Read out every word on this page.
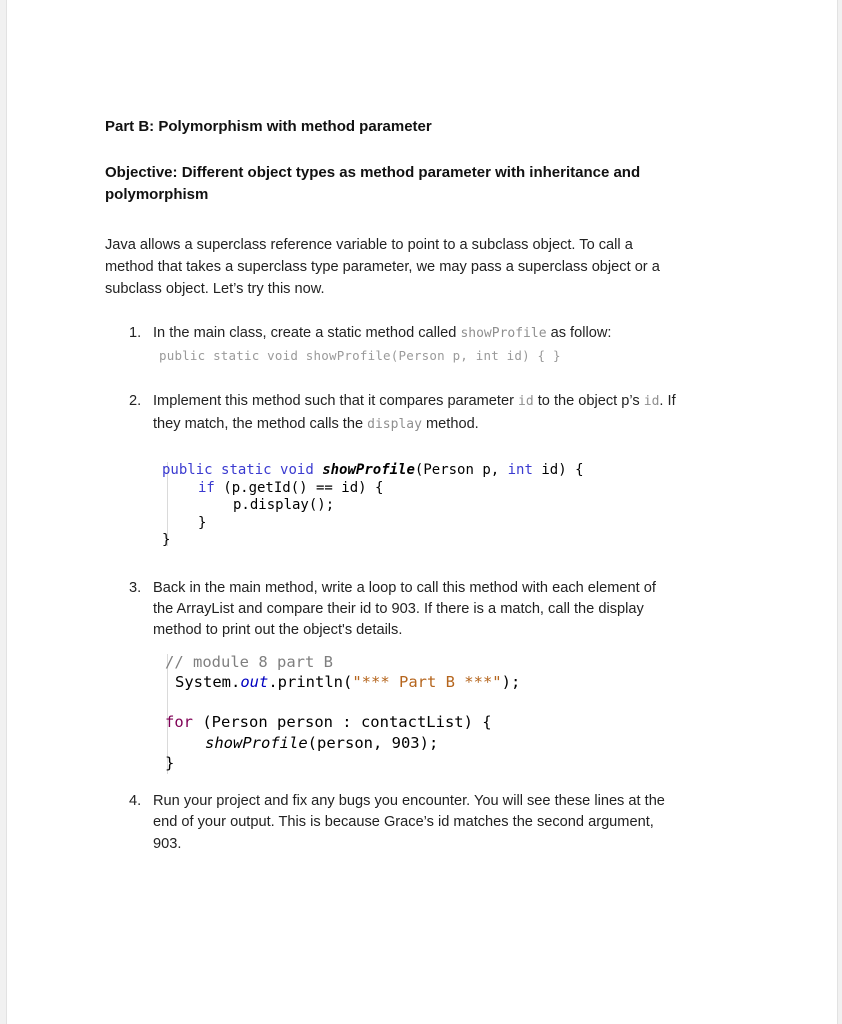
Part B: Polymorphism with method parameter
Objective: Different object types as method parameter with inheritance and
polymorphism
Java allows a superclass reference variable to point to a subclass object. To call a
method that takes a superclass type parameter, we may pass a superclass object or a
subclass object. Let’s try this now.
1. In the main class, create a static method called showProfile as follow:
public static void showProfile(Person p, int id) { }
2. Implement this method such that it compares parameter id to the object p’s id. If
they match, the method calls the display method.
public static void showProfile(Person p, int id) {
if (p.getId() == id) {
p.display();
}
}
3. Back in the main method, write a loop to call this method with each element of
the ArrayList and compare their id to 903. If there is a match, call the display
method to print out the object's details.
// module 8 part B
System.out.println("*** Part B ***");
for (Person person : contactList) {
showProfile(person, 903);
}
4. Run your project and fix any bugs you encounter. You will see these lines at the
end of your output. This is because Grace’s id matches the second argument,
903.
